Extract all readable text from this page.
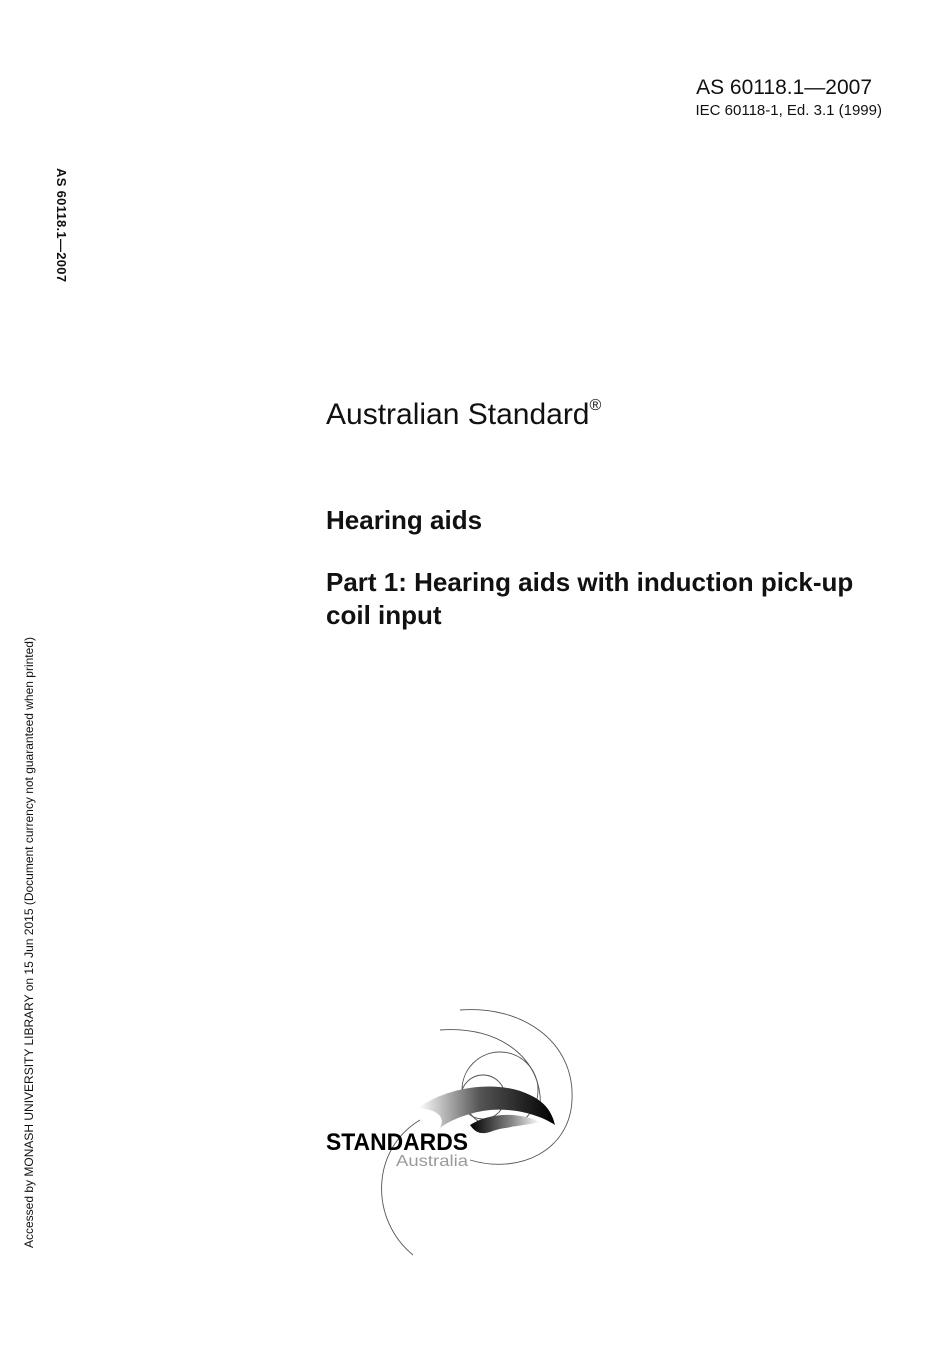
AS 60118.1—2007
IEC 60118-1, Ed. 3.1 (1999)
AS 60118.1—2007
Accessed by MONASH UNIVERSITY LIBRARY on 15 Jun 2015 (Document currency not guaranteed when printed)
Australian Standard®
Hearing aids
Part 1: Hearing aids with induction pick-up coil input
STANDARDS
Australia
